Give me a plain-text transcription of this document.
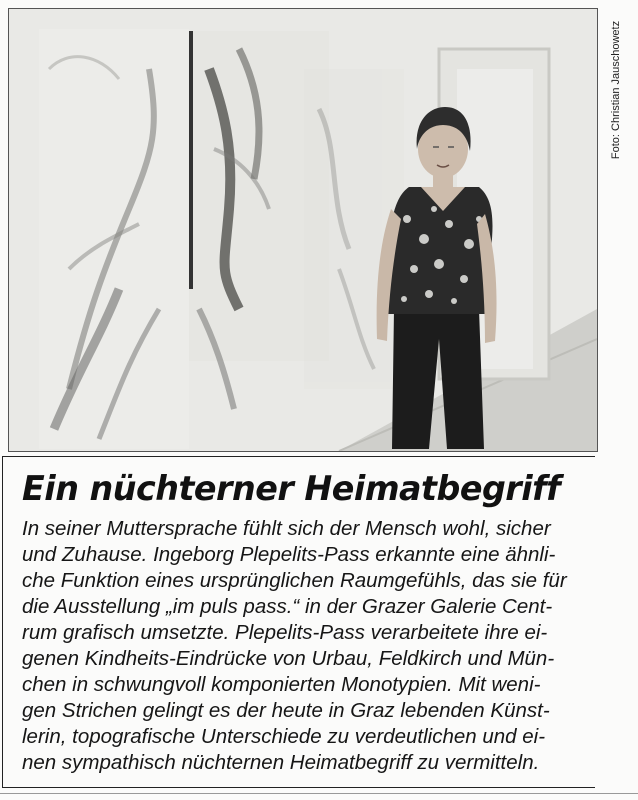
Foto: Christian Jauschowetz
Ein nüchterner Heimatbegriff

In seiner Muttersprache fühlt sich der Mensch wohl, sicher
und Zuhause. Ingeborg Plepelits-Pass erkannte eine ähnli-
che Funktion eines ursprünglichen Raumgefühls, das sie für
die Ausstellung „im puls pass.“ in der Grazer Galerie Cent-
rum grafisch umsetzte. Plepelits-Pass verarbeitete ihre ei-
genen Kindheits-Eindrücke von Urbau, Feldkirch und Mün-
chen in schwungvoll komponierten Monotypien. Mit weni-
gen Strichen gelingt es der heute in Graz lebenden Künst-
lerin, topografische Unterschiede zu verdeutlichen und ei-
nen sympathisch nüchternen Heimatbegriff zu vermitteln.
